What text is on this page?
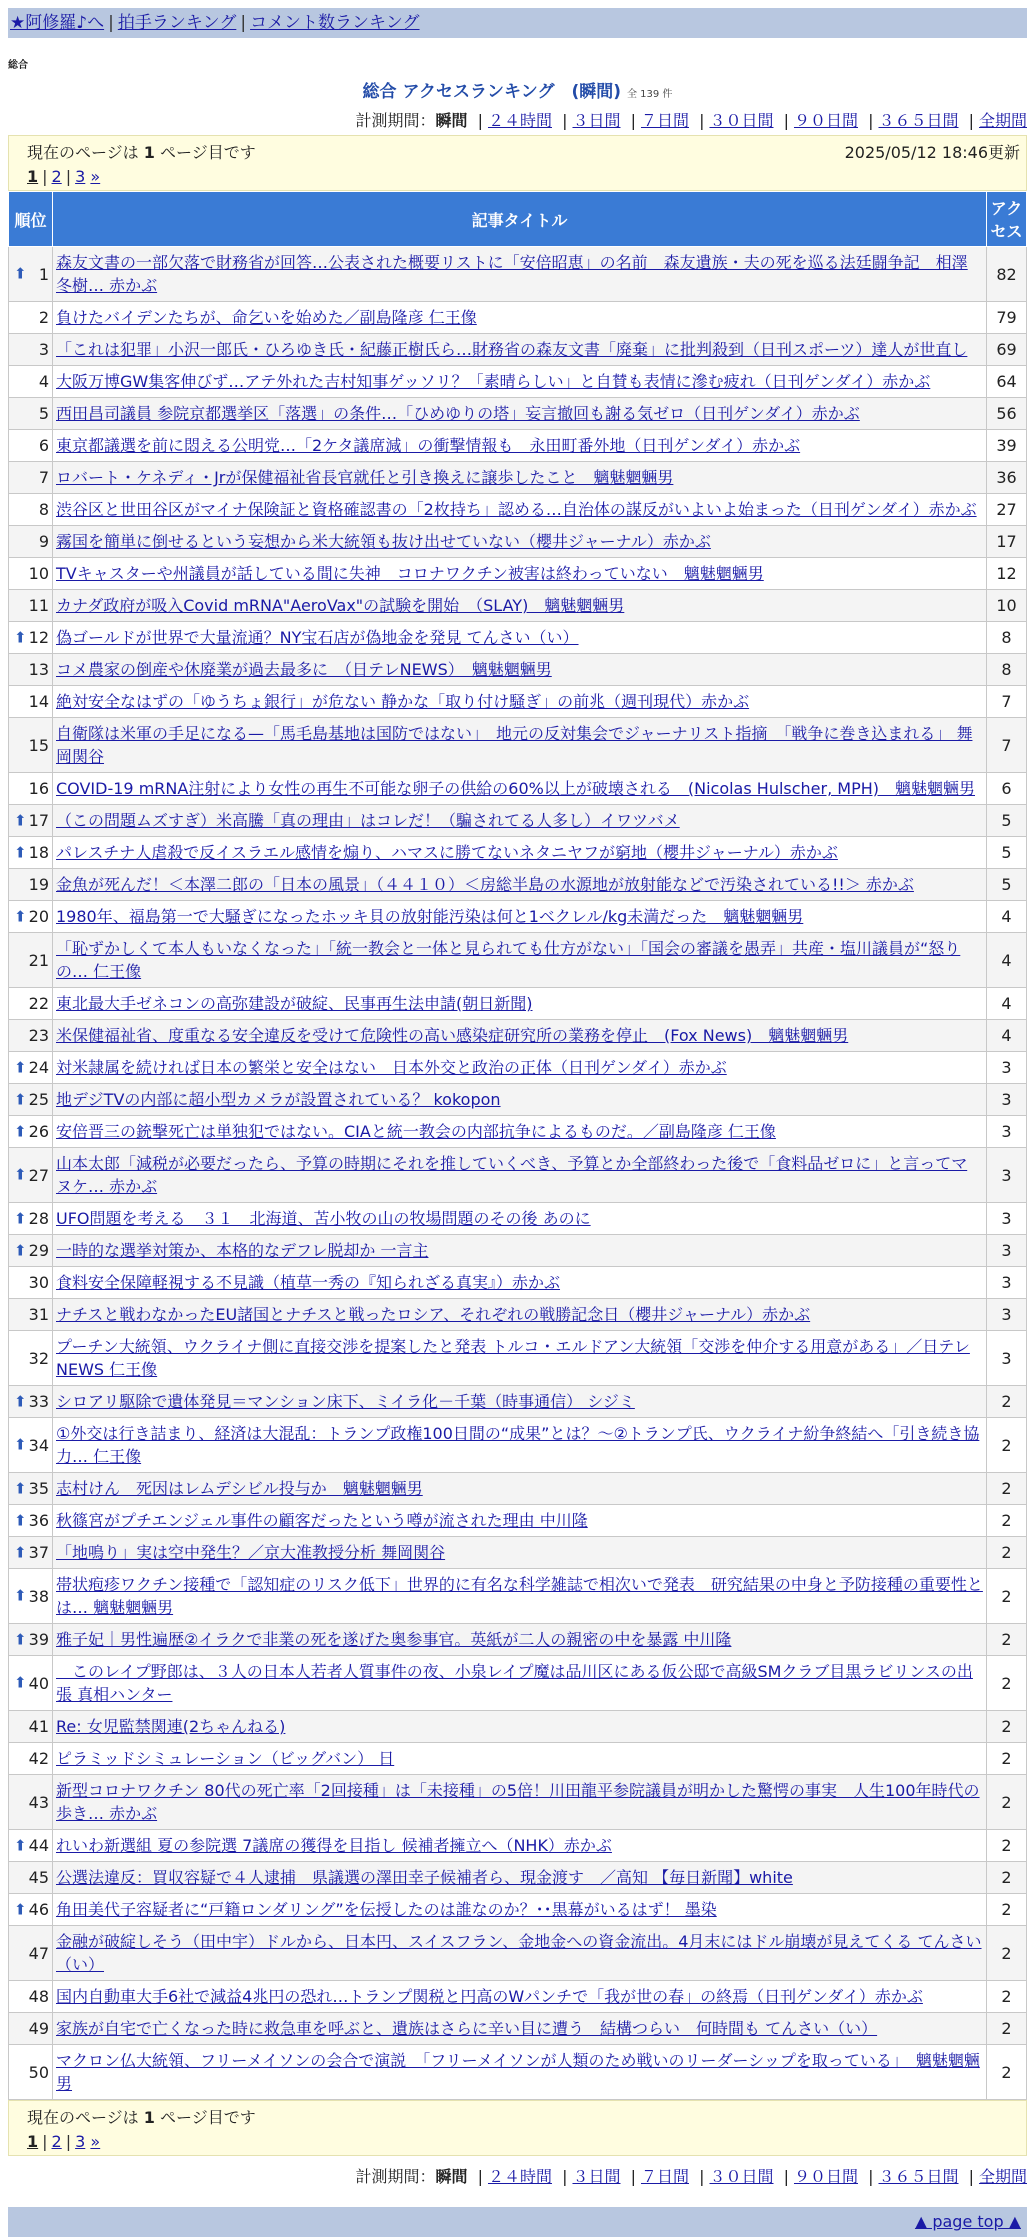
★阿修羅♪へ | 拍手ランキング | コメント数ランキング
総合
総合 アクセスランキング　(瞬間) 全 139 件
計測期間：瞬間 | ２４時間 | ３日間 | ７日間 | ３０日間 | ９０日間 | ３６５日間 | 全期間
現在のページは 1 ページ目です	2025/05/12 18:46更新
1 | 2 | 3 »
順位	記事タイトル	アクセス

⬆ 1	森友文書の一部欠落で財務省が回答…公表された概要リストに「安倍昭恵」の名前　森友遺族・夫の死を巡る法廷闘争記　相澤冬樹… 赤かぶ	82
2	負けたバイデンたちが、命乞いを始めた／副島隆彦 仁王像	79
3	「これは犯罪」小沢一郎氏・ひろゆき氏・紀藤正樹氏ら…財務省の森友文書「廃棄」に批判殺到（日刊スポーツ）達人が世直し	69
4	大阪万博GW集客伸びず…アテ外れた吉村知事ゲッソリ？「素晴らしい」と自賛も表情に滲む疲れ（日刊ゲンダイ）赤かぶ	64
5	西田昌司議員 参院京都選挙区「落選」の条件…「ひめゆりの塔」妄言撤回も謝る気ゼロ（日刊ゲンダイ）赤かぶ	56
6	東京都議選を前に悶える公明党…「2ケタ議席減」の衝撃情報も　永田町番外地（日刊ゲンダイ）赤かぶ	39
7	ロバート・ケネディ・Jrが保健福祉省長官就任と引き換えに譲歩したこと　魑魅魍魎男	36
8	渋谷区と世田谷区がマイナ保険証と資格確認書の「2枚持ち」認める…自治体の謀反がいよいよ始まった（日刊ゲンダイ）赤かぶ	27
9	霧国を簡単に倒せるという妄想から米大統領も抜け出せていない（櫻井ジャーナル）赤かぶ	17
10	TVキャスターや州議員が話している間に失神　コロナワクチン被害は終わっていない　魑魅魍魎男	12
11	カナダ政府が吸入Covid mRNA"AeroVax"の試験を開始　（SLAY)　魑魅魍魎男	10

⬆ 12	偽ゴールドが世界で大量流通？NY宝石店が偽地金を発見 てんさい（い）	8
13	コメ農家の倒産や休廃業が過去最多に　（日テレNEWS）　魑魅魍魎男	8
14	絶対安全なはずの「ゆうちょ銀行」が危ない 静かな「取り付け騒ぎ」の前兆（週刊現代）赤かぶ	7
15	自衛隊は米軍の手足になる—「馬毛島基地は国防ではない」　地元の反対集会でジャーナリスト指摘　「戦争に巻き込まれる」 舞岡関谷	7
16	COVID-19 mRNA注射により女性の再生不可能な卵子の供給の60%以上が破壊される　(Nicolas Hulscher, MPH)　魑魅魍魎男	6

⬆ 17	（この問題ムズすぎ）米高騰「真の理由」はコレだ！（騙されてる人多し）イワツバメ	5

⬆ 18	パレスチナ人虐殺で反イスラエル感情を煽り、ハマスに勝てないネタニヤフが窮地（櫻井ジャーナル）赤かぶ	5
19	金魚が死んだ！＜本澤二郎の「日本の風景」（４４１０）＜房総半島の水源地が放射能などで汚染されている!!＞ 赤かぶ	5

⬆ 20	1980年、福島第一で大騒ぎになったホッキ貝の放射能汚染は何と1ベクレル/kg未満だった　魑魅魍魎男	4
21	「恥ずかしくて本人もいなくなった」「統一教会と一体と見られても仕方がない」「国会の審議を愚弄」共産・塩川議員が“怒りの… 仁王像	4
22	東北最大手ゼネコンの高弥建設が破綻、民事再生法申請(朝日新聞)	4
23	米保健福祉省、度重なる安全違反を受けて危険性の高い感染症研究所の業務を停止　(Fox News)　魑魅魍魎男	4

⬆ 24	対米隷属を続ければ日本の繁栄と安全はない　日本外交と政治の正体（日刊ゲンダイ）赤かぶ	3

⬆ 25	地デジTVの内部に超小型カメラが設置されている？ kokopon	3

⬆ 26	安倍晋三の銃撃死亡は単独犯ではない。CIAと統一教会の内部抗争によるものだ。／副島隆彦 仁王像	3

⬆ 27	山本太郎「減税が必要だったら、予算の時期にそれを推していくべき、予算とか全部終わった後で「食料品ゼロに」と言ってマヌケ… 赤かぶ	3

⬆ 28	UFO問題を考える　３１　北海道、苫小牧の山の牧場問題のその後 あのに	3

⬆ 29	一時的な選挙対策か、本格的なデフレ脱却か 一言主	3
30	食料安全保障軽視する不見識（植草一秀の『知られざる真実』）赤かぶ	3
31	ナチスと戦わなかったEU諸国とナチスと戦ったロシア、それぞれの戦勝記念日（櫻井ジャーナル）赤かぶ	3
32	プーチン大統領、ウクライナ側に直接交渉を提案したと発表 トルコ・エルドアン大統領「交渉を仲介する用意がある」／日テレNEWS 仁王像	3

⬆ 33	シロアリ駆除で遺体発見＝マンション床下、ミイラ化－千葉（時事通信） シジミ	2

⬆ 34	①外交は行き詰まり、経済は大混乱：トランプ政権100日間の“成果”とは？～②トランプ氏、ウクライナ紛争終結へ「引き続き協力… 仁王像	2

⬆ 35	志村けん　死因はレムデシビル投与か　魑魅魍魎男	2

⬆ 36	秋篠宮がプチエンジェル事件の顧客だったという噂が流された理由 中川隆	2

⬆ 37	「地鳴り」実は空中発生？／京大准教授分析 舞岡関谷	2

⬆ 38	帯状疱疹ワクチン接種で「認知症のリスク低下」世界的に有名な科学雑誌で相次いで発表　研究結果の中身と予防接種の重要性とは… 魑魅魍魎男	2

⬆ 39	雅子妃｜男性遍歴②イラクで非業の死を遂げた奥参事官。英紙が二人の親密の中を暴露 中川隆	2

⬆ 40	　このレイプ野郎は、３人の日本人若者人質事件の夜、小泉レイプ魔は品川区にある仮公邸で高級SMクラブ目黒ラビリンスの出張 真相ハンター	2
41	Re: 女児監禁関連(2ちゃんねる)	2
42	ピラミッドシミュレーション（ビッグバン） 日	2
43	新型コロナワクチン 80代の死亡率「2回接種」は「未接種」の5倍！川田龍平参院議員が明かした驚愕の事実　人生100年時代の歩き… 赤かぶ	2

⬆ 44	れいわ新選組 夏の参院選 7議席の獲得を目指し 候補者擁立へ（NHK）赤かぶ	2
45	公選法違反：買収容疑で４人逮捕　県議選の澤田幸子候補者ら、現金渡す　／高知 【毎日新聞】white	2

⬆ 46	角田美代子容疑者に“戸籍ロンダリング”を伝授したのは誰なのか？･･黒幕がいるはず！ 墨染	2
47	金融が破綻しそう（田中宇）ドルから、日本円、スイスフラン、金地金への資金流出。4月末にはドル崩壊が見えてくる てんさい（い）	2
48	国内自動車大手6社で減益4兆円の恐れ…トランプ関税と円高のWパンチで「我が世の春」の終焉（日刊ゲンダイ）赤かぶ	2
49	家族が自宅で亡くなった時に救急車を呼ぶと、遺族はさらに辛い目に遭う　結構つらい　何時間も てんさい（い）	2
50	マクロン仏大統領、フリーメイソンの会合で演説　「フリーメイソンが人類のため戦いのリーダーシップを取っている」　魑魅魍魎男	2
現在のページは 1 ページ目です
1 | 2 | 3 »
計測期間：瞬間 | ２４時間 | ３日間 | ７日間 | ３０日間 | ９０日間 | ３６５日間 | 全期間
▲ page top ▲
